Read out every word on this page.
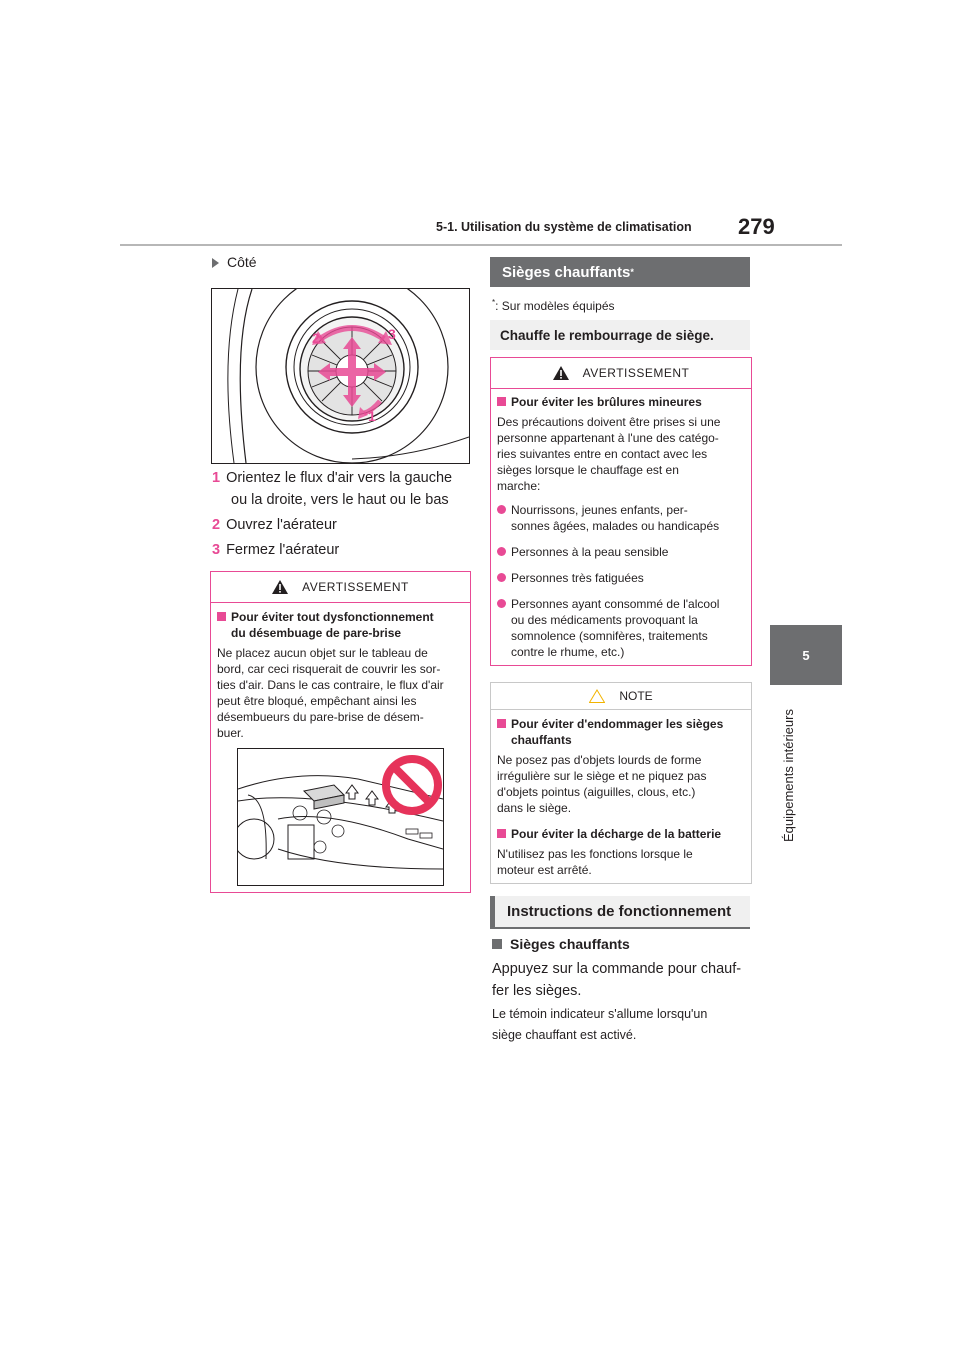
5-1. Utilisation du système de climatisation 279
5
Équipements intérieurs
Côté
2	3
1
1 Orientez le flux d'air vers la gauche
ou la droite, vers le haut ou le bas
2 Ouvrez l'aérateur
3 Fermez l'aérateur
AVERTISSEMENT
Pour éviter tout dysfonctionnement
du désembuage de pare-brise
Ne placez aucun objet sur le tableau de
bord, car ceci risquerait de couvrir les sor-
ties d'air. Dans le cas contraire, le flux d'air
peut être bloqué, empêchant ainsi les
désembueurs du pare-brise de désem-
buer.
Sièges chauffants *
*: Sur modèles équipés
Chauffe le rembourrage de siège.
AVERTISSEMENT
Pour éviter les brûlures mineures
Des précautions doivent être prises si une
personne appartenant à l'une des catégo-
ries suivantes entre en contact avec les
sièges lorsque le chauffage est en
marche:
Nourrissons, jeunes enfants, per-
sonnes âgées, malades ou handicapés
Personnes à la peau sensible
Personnes très fatiguées
Personnes ayant consommé de l'alcool
ou des médicaments provoquant la
somnolence (somnifères, traitements
contre le rhume, etc.)
NOTE
Pour éviter d'endommager les sièges
chauffants
Ne posez pas d'objets lourds de forme
irrégulière sur le siège et ne piquez pas
d'objets pointus (aiguilles, clous, etc.)
dans le siège.
Pour éviter la décharge de la batterie
N'utilisez pas les fonctions lorsque le
moteur est arrêté.
Instructions de fonctionnement
Sièges chauffants
Appuyez sur la commande pour chauf-
fer les sièges.
Le témoin indicateur s'allume lorsqu'un
siège chauffant est activé.
